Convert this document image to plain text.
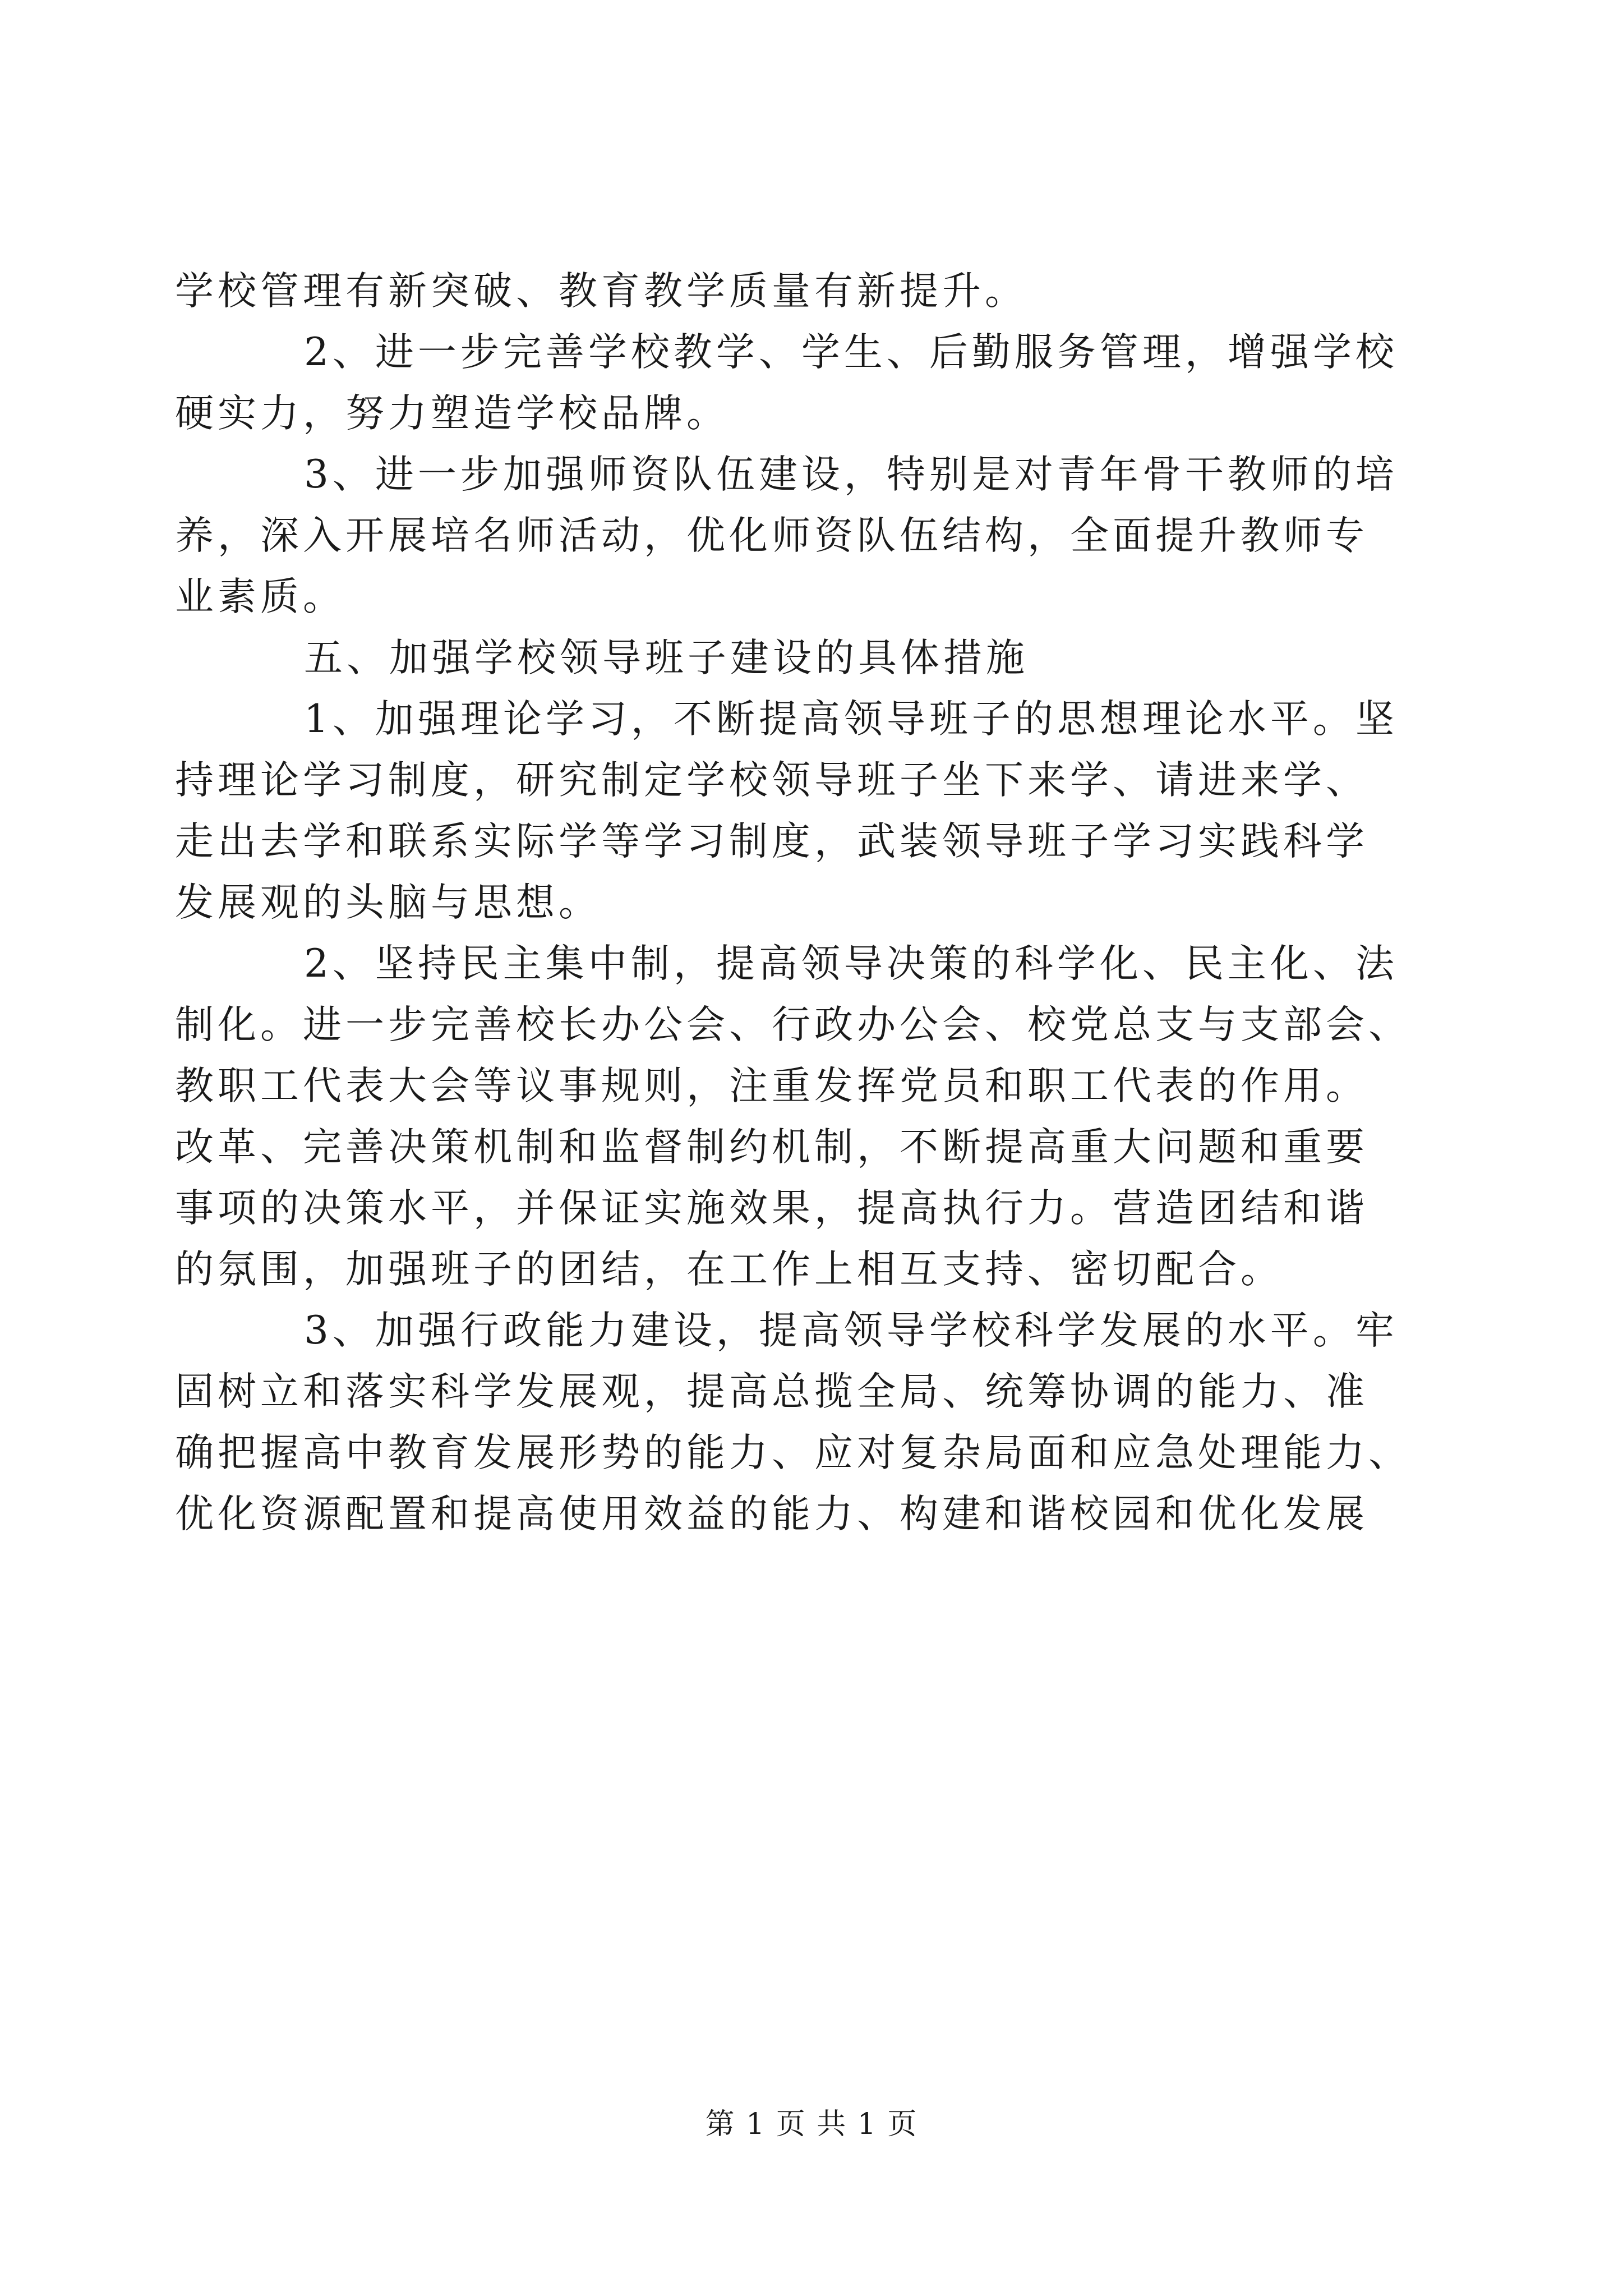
学校管理有新突破、教育教学质量有新提升。
2、进一步完善学校教学、学生、后勤服务管理，增强学校
硬实力，努力塑造学校品牌。
3、进一步加强师资队伍建设，特别是对青年骨干教师的培
养，深入开展培名师活动，优化师资队伍结构，全面提升教师专
业素质。
五、加强学校领导班子建设的具体措施
1、加强理论学习，不断提高领导班子的思想理论水平。坚
持理论学习制度，研究制定学校领导班子坐下来学、请进来学、
走出去学和联系实际学等学习制度，武装领导班子学习实践科学
发展观的头脑与思想。
2、坚持民主集中制，提高领导决策的科学化、民主化、法
制化。进一步完善校长办公会、行政办公会、校党总支与支部会、
教职工代表大会等议事规则，注重发挥党员和职工代表的作用。
改革、完善决策机制和监督制约机制，不断提高重大问题和重要
事项的决策水平，并保证实施效果，提高执行力。营造团结和谐
的氛围，加强班子的团结，在工作上相互支持、密切配合。
3、加强行政能力建设，提高领导学校科学发展的水平。牢
固树立和落实科学发展观，提高总揽全局、统筹协调的能力、准
确把握高中教育发展形势的能力、应对复杂局面和应急处理能力、
优化资源配置和提高使用效益的能力、构建和谐校园和优化发展
第 1 页 共 1 页
